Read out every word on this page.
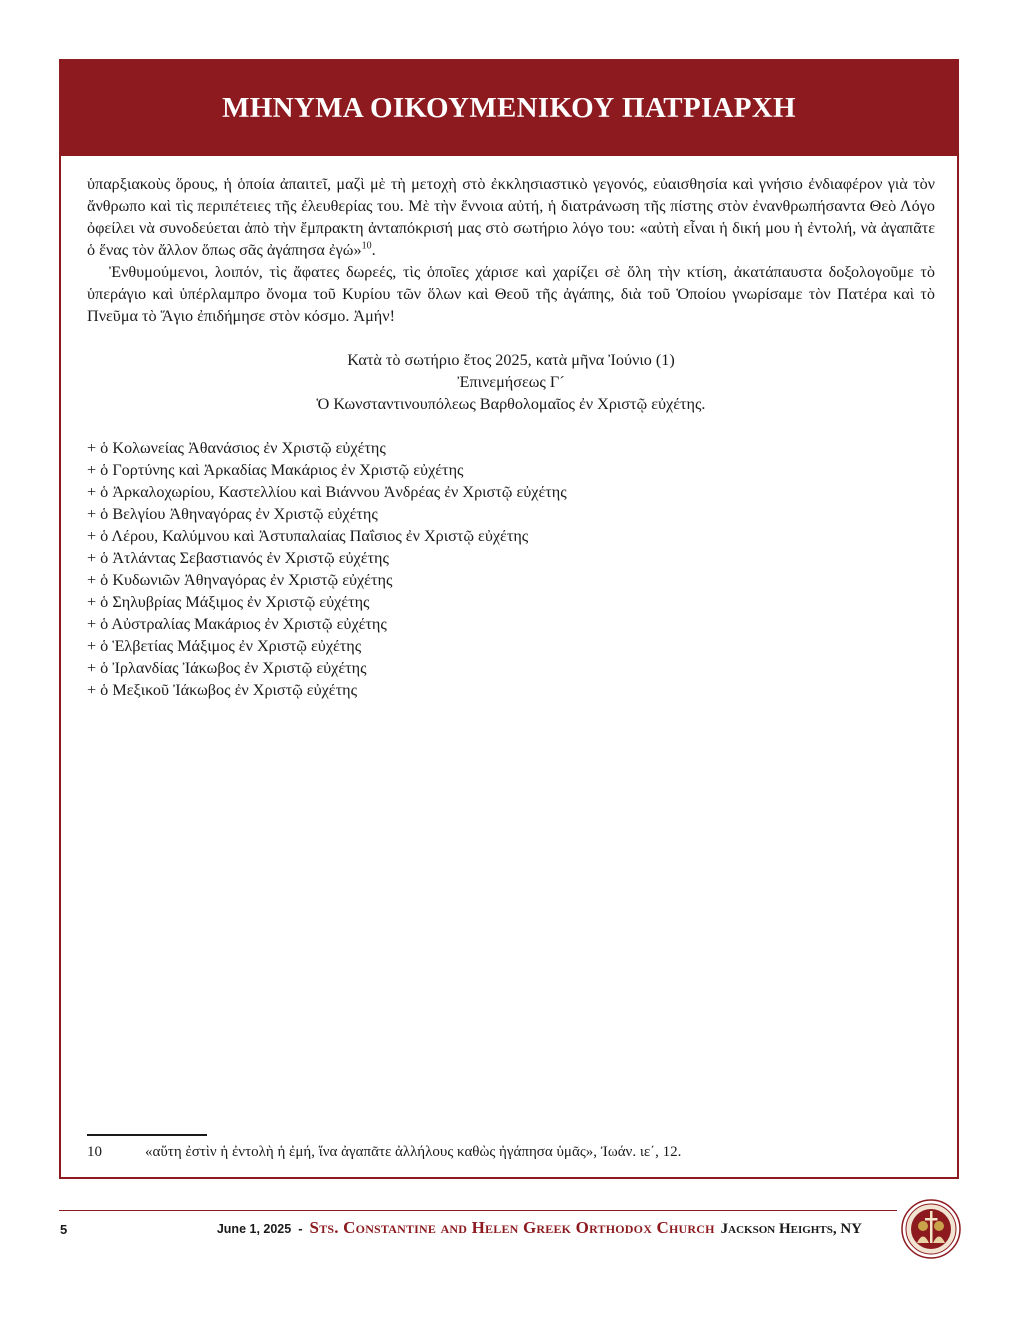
ΜΗΝΥΜΑ ΟΙΚΟΥΜΕΝΙΚΟΥ ΠΑΤΡΙΑΡΧΗ

ὑπαρξιακοὺς ὅρους, ἡ ὁποία ἀπαιτεῖ, μαζὶ μὲ τὴ μετοχὴ στὸ ἐκκλησιαστικὸ γεγονός, εὐαισθησία καὶ γνήσιο ἐνδιαφέρον γιὰ τὸν ἄνθρωπο καὶ τὶς περιπέτειες τῆς ἐλευθερίας του. Μὲ τὴν ἔννοια αὐτή, ἡ διατράνωση τῆς πίστης στὸν ἐνανθρωπήσαντα Θεὸ Λόγο ὀφείλει νὰ συνοδεύεται ἀπὸ τὴν ἔμπρακτη ἀνταπόκρισή μας στὸ σωτήριο λόγο του: «αὐτὴ εἶναι ἡ δική μου ἡ ἐντολή, νὰ ἀγαπᾶτε ὁ ἕνας τὸν ἄλλον ὅπως σᾶς ἀγάπησα ἐγώ»$^{10}$.

Ἐνθυμούμενοι, λοιπόν, τὶς ἄφατες δωρεές, τὶς ὁποῖες χάρισε καὶ χαρίζει σὲ ὅλη τὴν κτίση, ἀκατάπαυστα δοξολογοῦμε τὸ ὑπεράγιο καὶ ὑπέρλαμπρο ὄνομα τοῦ Κυρίου τῶν ὅλων καὶ Θεοῦ τῆς ἀγάπης, διὰ τοῦ Ὁποίου γνωρίσαμε τὸν Πατέρα καὶ τὸ Πνεῦμα τὸ Ἅγιο ἐπιδήμησε στὸν κόσμο. Ἀμήν!

Κατὰ τὸ σωτήριο ἔτος 2025, κατὰ μῆνα Ἰούνιο (1)
Ἐπινεμήσεως Γ´
Ὁ Κωνσταντινουπόλεως Βαρθολομαῖος ἐν Χριστῷ εὐχέτης.
+ ὁ Κολωνείας Ἀθανάσιος ἐν Χριστῷ εὐχέτης
+ ὁ Γορτύνης καὶ Ἀρκαδίας Μακάριος ἐν Χριστῷ εὐχέτης
+ ὁ Ἀρκαλοχωρίου, Καστελλίου καὶ Βιάννου Ἀνδρέας ἐν Χριστῷ εὐχέτης
+ ὁ Βελγίου Ἀθηναγόρας ἐν Χριστῷ εὐχέτης
+ ὁ Λέρου, Καλύμνου καὶ Ἀστυπαλαίας Παΐσιος ἐν Χριστῷ εὐχέτης
+ ὁ Ἀτλάντας Σεβαστιανός ἐν Χριστῷ εὐχέτης
+ ὁ Κυδωνιῶν Ἀθηναγόρας ἐν Χριστῷ εὐχέτης
+ ὁ Σηλυβρίας Μάξιμος ἐν Χριστῷ εὐχέτης
+ ὁ Αὐστραλίας Μακάριος ἐν Χριστῷ εὐχέτης
+ ὁ Ἑλβετίας Μάξιμος ἐν Χριστῷ εὐχέτης
+ ὁ Ἰρλανδίας Ἰάκωβος ἐν Χριστῷ εὐχέτης
+ ὁ Μεξικοῦ Ἰάκωβος ἐν Χριστῷ εὐχέτης
10	«αὕτη ἐστὶν ἡ ἐντολὴ ἡ ἐμή, ἵνα ἀγαπᾶτε ἀλλήλους καθὼς ἠγάπησα ὑμᾶς», Ἰωάν. ιε΄, 12.
5	June 1, 2025 - Sts. Constantine and Helen Greek Orthodox Church Jackson Heights, NY
